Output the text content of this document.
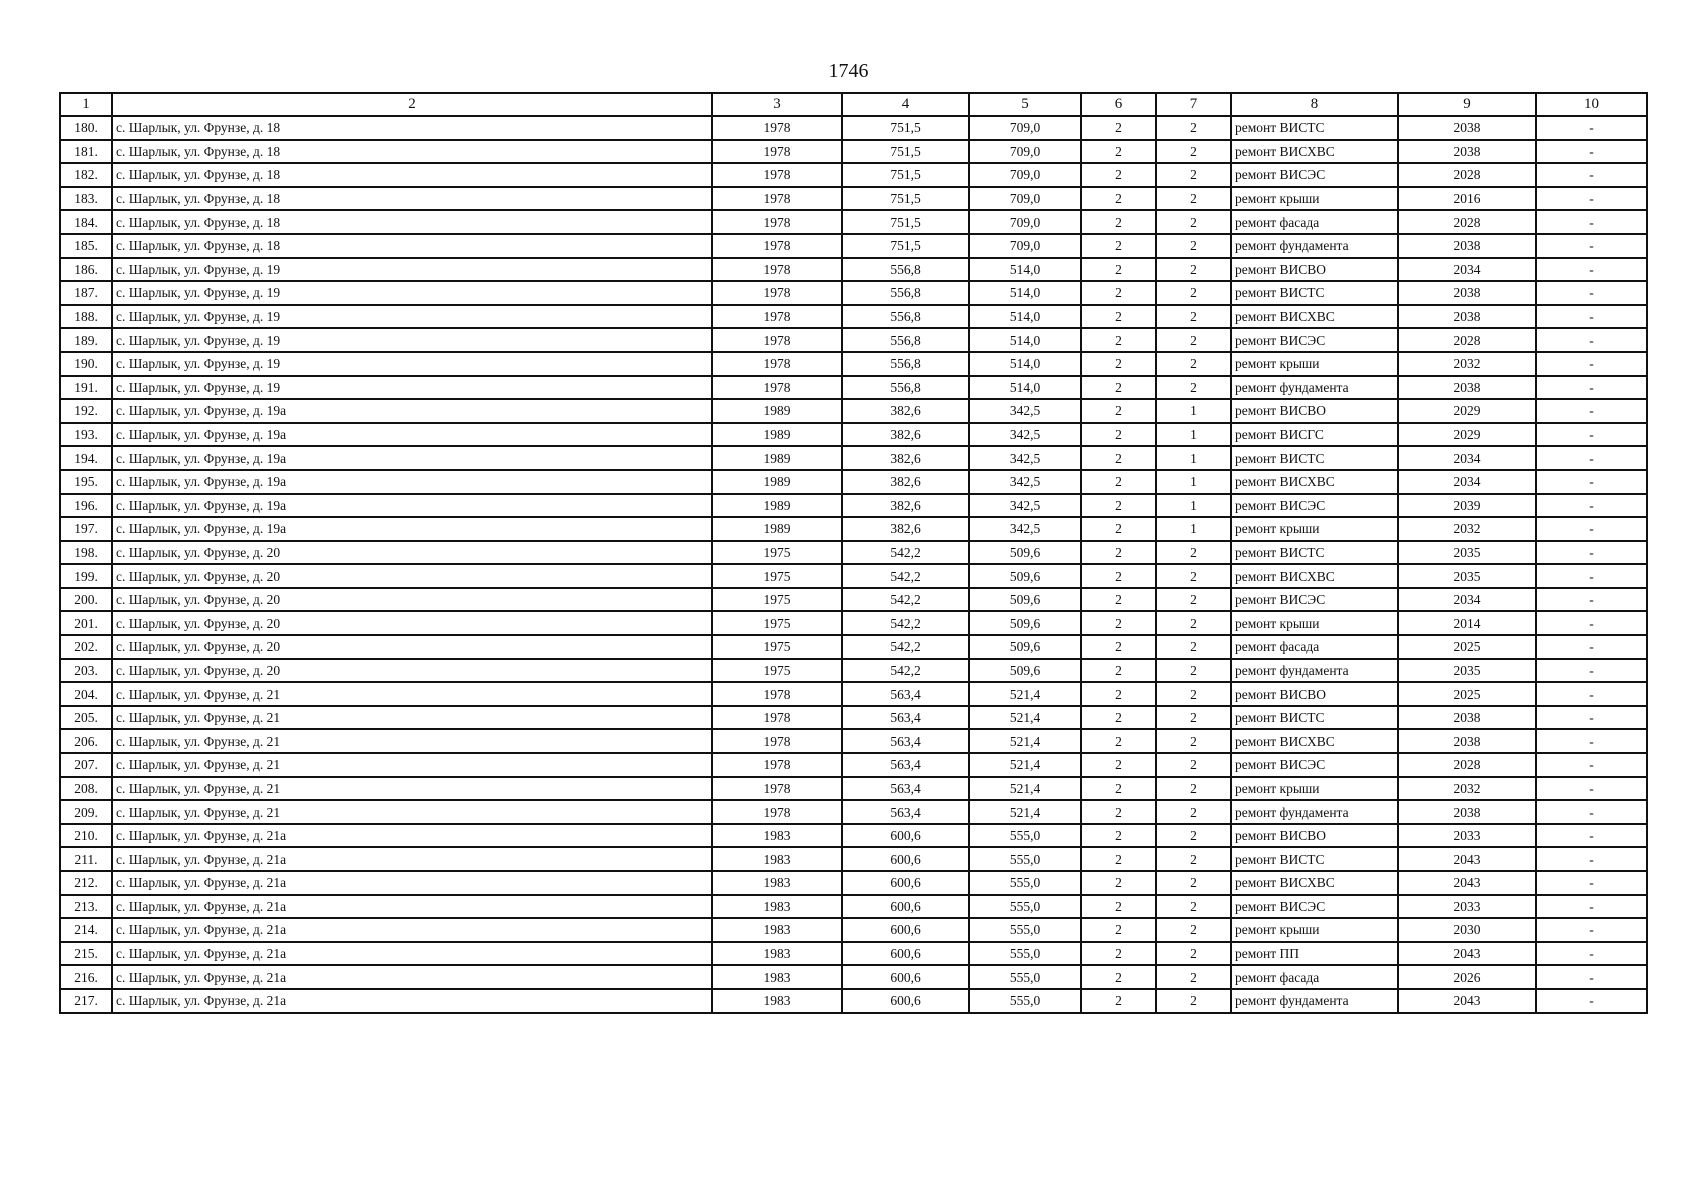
1746
1	2	3	4	5	6	7	8	9	10
180.	с. Шарлык, ул. Фрунзе, д. 18	1978	751,5	709,0	2	2	ремонт ВИСТС	2038	-
181.	с. Шарлык, ул. Фрунзе, д. 18	1978	751,5	709,0	2	2	ремонт ВИСХВС	2038	-
182.	с. Шарлык, ул. Фрунзе, д. 18	1978	751,5	709,0	2	2	ремонт ВИСЭС	2028	-
183.	с. Шарлык, ул. Фрунзе, д. 18	1978	751,5	709,0	2	2	ремонт крыши	2016	-
184.	с. Шарлык, ул. Фрунзе, д. 18	1978	751,5	709,0	2	2	ремонт фасада	2028	-
185.	с. Шарлык, ул. Фрунзе, д. 18	1978	751,5	709,0	2	2	ремонт фундамента	2038	-
186.	с. Шарлык, ул. Фрунзе, д. 19	1978	556,8	514,0	2	2	ремонт ВИСВО	2034	-
187.	с. Шарлык, ул. Фрунзе, д. 19	1978	556,8	514,0	2	2	ремонт ВИСТС	2038	-
188.	с. Шарлык, ул. Фрунзе, д. 19	1978	556,8	514,0	2	2	ремонт ВИСХВС	2038	-
189.	с. Шарлык, ул. Фрунзе, д. 19	1978	556,8	514,0	2	2	ремонт ВИСЭС	2028	-
190.	с. Шарлык, ул. Фрунзе, д. 19	1978	556,8	514,0	2	2	ремонт крыши	2032	-
191.	с. Шарлык, ул. Фрунзе, д. 19	1978	556,8	514,0	2	2	ремонт фундамента	2038	-
192.	с. Шарлык, ул. Фрунзе, д. 19а	1989	382,6	342,5	2	1	ремонт ВИСВО	2029	-
193.	с. Шарлык, ул. Фрунзе, д. 19а	1989	382,6	342,5	2	1	ремонт ВИСГС	2029	-
194.	с. Шарлык, ул. Фрунзе, д. 19а	1989	382,6	342,5	2	1	ремонт ВИСТС	2034	-
195.	с. Шарлык, ул. Фрунзе, д. 19а	1989	382,6	342,5	2	1	ремонт ВИСХВС	2034	-
196.	с. Шарлык, ул. Фрунзе, д. 19а	1989	382,6	342,5	2	1	ремонт ВИСЭС	2039	-
197.	с. Шарлык, ул. Фрунзе, д. 19а	1989	382,6	342,5	2	1	ремонт крыши	2032	-
198.	с. Шарлык, ул. Фрунзе, д. 20	1975	542,2	509,6	2	2	ремонт ВИСТС	2035	-
199.	с. Шарлык, ул. Фрунзе, д. 20	1975	542,2	509,6	2	2	ремонт ВИСХВС	2035	-
200.	с. Шарлык, ул. Фрунзе, д. 20	1975	542,2	509,6	2	2	ремонт ВИСЭС	2034	-
201.	с. Шарлык, ул. Фрунзе, д. 20	1975	542,2	509,6	2	2	ремонт крыши	2014	-
202.	с. Шарлык, ул. Фрунзе, д. 20	1975	542,2	509,6	2	2	ремонт фасада	2025	-
203.	с. Шарлык, ул. Фрунзе, д. 20	1975	542,2	509,6	2	2	ремонт фундамента	2035	-
204.	с. Шарлык, ул. Фрунзе, д. 21	1978	563,4	521,4	2	2	ремонт ВИСВО	2025	-
205.	с. Шарлык, ул. Фрунзе, д. 21	1978	563,4	521,4	2	2	ремонт ВИСТС	2038	-
206.	с. Шарлык, ул. Фрунзе, д. 21	1978	563,4	521,4	2	2	ремонт ВИСХВС	2038	-
207.	с. Шарлык, ул. Фрунзе, д. 21	1978	563,4	521,4	2	2	ремонт ВИСЭС	2028	-
208.	с. Шарлык, ул. Фрунзе, д. 21	1978	563,4	521,4	2	2	ремонт крыши	2032	-
209.	с. Шарлык, ул. Фрунзе, д. 21	1978	563,4	521,4	2	2	ремонт фундамента	2038	-
210.	с. Шарлык, ул. Фрунзе, д. 21а	1983	600,6	555,0	2	2	ремонт ВИСВО	2033	-
211.	с. Шарлык, ул. Фрунзе, д. 21а	1983	600,6	555,0	2	2	ремонт ВИСТС	2043	-
212.	с. Шарлык, ул. Фрунзе, д. 21а	1983	600,6	555,0	2	2	ремонт ВИСХВС	2043	-
213.	с. Шарлык, ул. Фрунзе, д. 21а	1983	600,6	555,0	2	2	ремонт ВИСЭС	2033	-
214.	с. Шарлык, ул. Фрунзе, д. 21а	1983	600,6	555,0	2	2	ремонт крыши	2030	-
215.	с. Шарлык, ул. Фрунзе, д. 21а	1983	600,6	555,0	2	2	ремонт ПП	2043	-
216.	с. Шарлык, ул. Фрунзе, д. 21а	1983	600,6	555,0	2	2	ремонт фасада	2026	-
217.	с. Шарлык, ул. Фрунзе, д. 21а	1983	600,6	555,0	2	2	ремонт фундамента	2043	-
